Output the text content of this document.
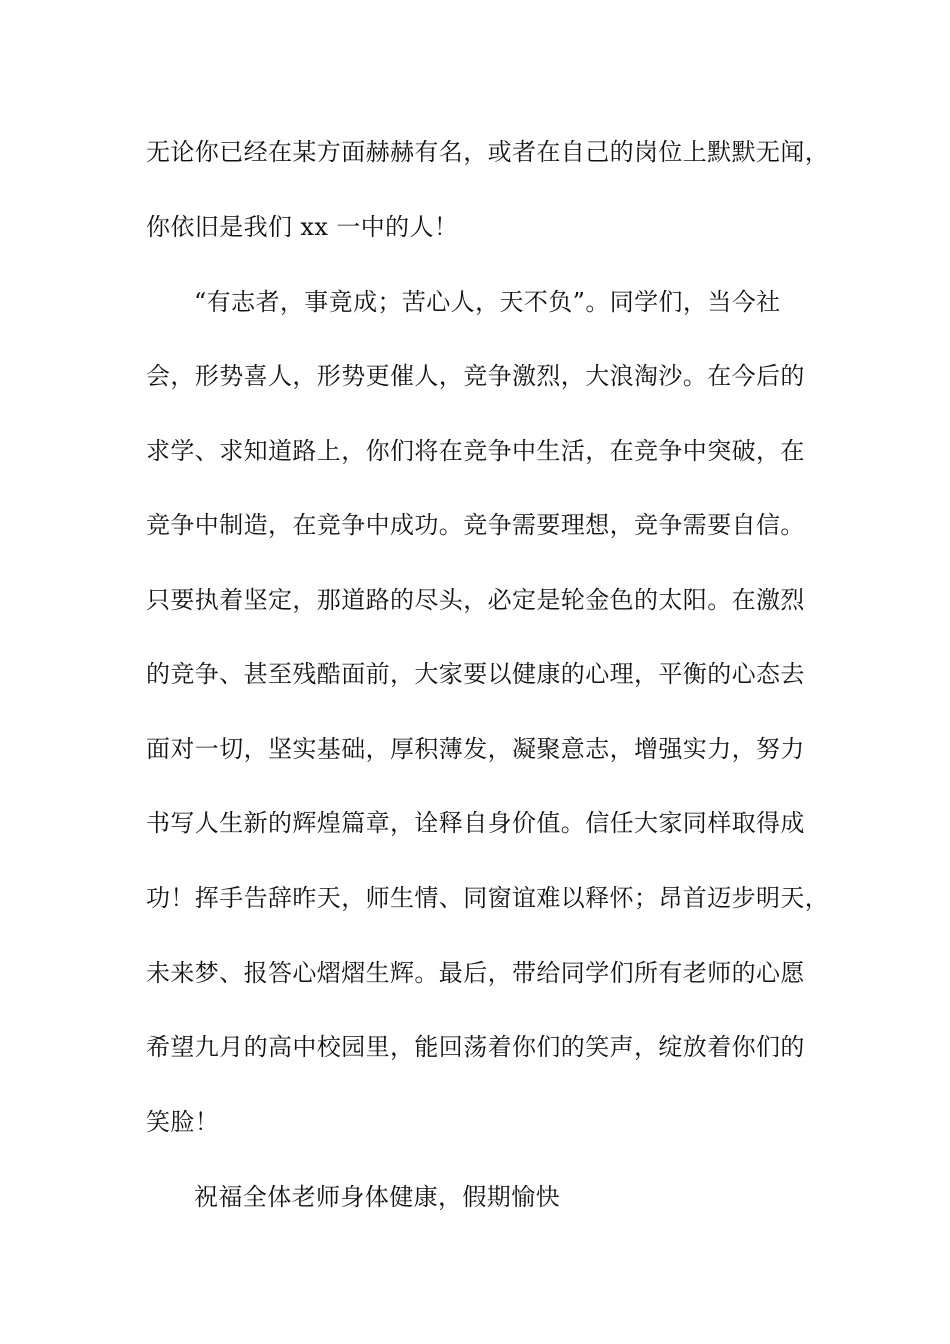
无论你已经在某方面赫赫有名，或者在自己的岗位上默默无闻，
你依旧是我们 xx 一中的人！
“有志者，事竟成；苦心人，天不负”。同学们，当今社
会，形势喜人，形势更催人，竞争激烈，大浪淘沙。在今后的
求学、求知道路上，你们将在竞争中生活，在竞争中突破，在
竞争中制造，在竞争中成功。竞争需要理想，竞争需要自信。
只要执着坚定，那道路的尽头，必定是轮金色的太阳。在激烈
的竞争、甚至残酷面前，大家要以健康的心理，平衡的心态去
面对一切，坚实基础，厚积薄发，凝聚意志，增强实力，努力
书写人生新的辉煌篇章，诠释自身价值。信任大家同样取得成
功！挥手告辞昨天，师生情、同窗谊难以释怀；昂首迈步明天，
未来梦、报答心熠熠生辉。最后，带给同学们所有老师的心愿
希望九月的高中校园里，能回荡着你们的笑声，绽放着你们的
笑脸！
祝福全体老师身体健康，假期愉快
